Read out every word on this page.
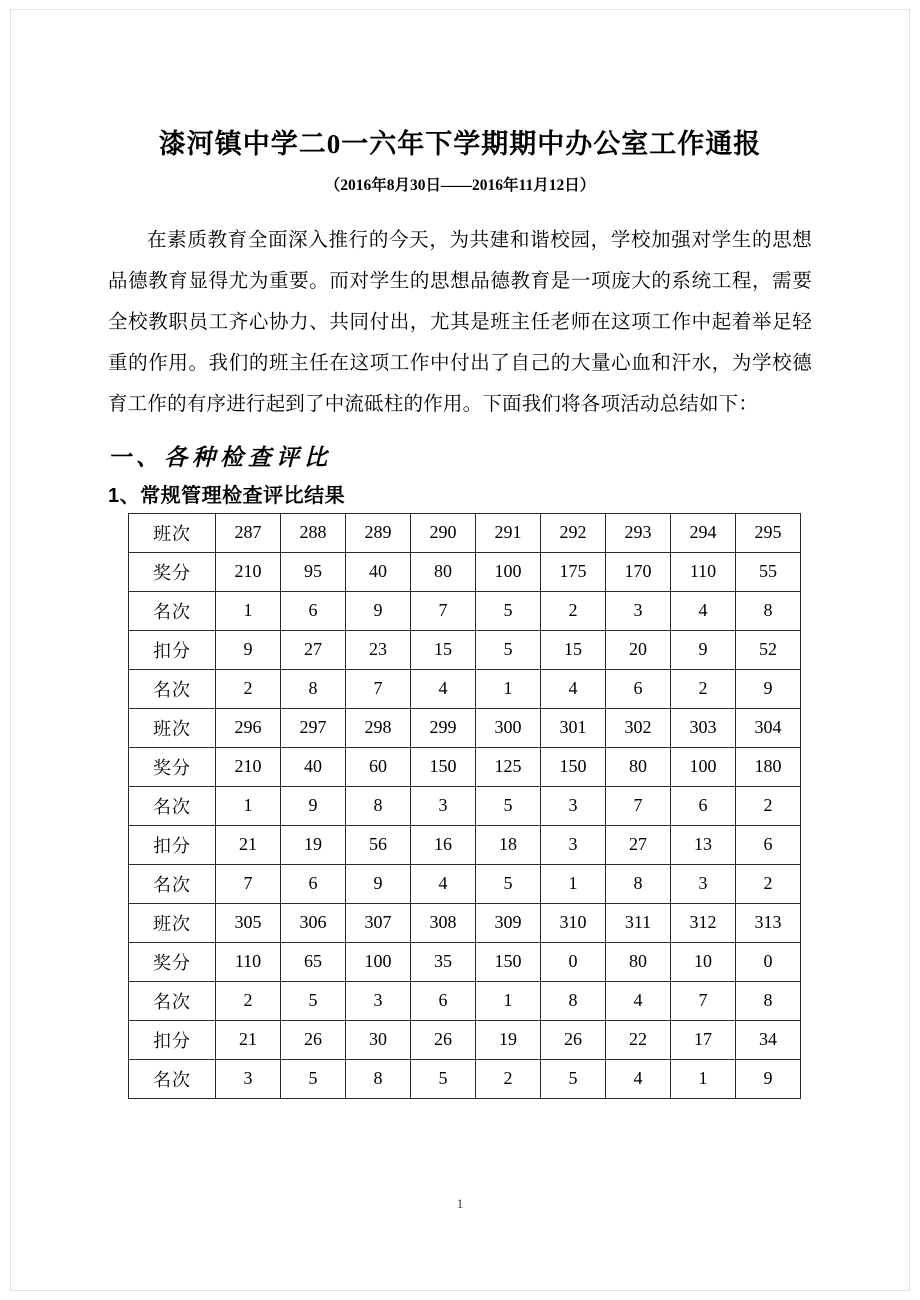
漆河镇中学二0一六年下学期期中办公室工作通报
（2016年8月30日——2016年11月12日）

在素质教育全面深入推行的今天，为共建和谐校园，学校加强对学生的思想品德教育显得尤为重要。而对学生的思想品德教育是一项庞大的系统工程，需要全校教职员工齐心协力、共同付出，尤其是班主任老师在这项工作中起着举足轻重的作用。我们的班主任在这项工作中付出了自己的大量心血和汗水，为学校德育工作的有序进行起到了中流砥柱的作用。下面我们将各项活动总结如下：

一、各种检查评比
1、常规管理检查评比结果
班次	287	288	289	290	291	292	293	294	295
奖分	210	95	40	80	100	175	170	110	55
名次	1	6	9	7	5	2	3	4	8
扣分	9	27	23	15	5	15	20	9	52
名次	2	8	7	4	1	4	6	2	9
班次	296	297	298	299	300	301	302	303	304
奖分	210	40	60	150	125	150	80	100	180
名次	1	9	8	3	5	3	7	6	2
扣分	21	19	56	16	18	3	27	13	6
名次	7	6	9	4	5	1	8	3	2
班次	305	306	307	308	309	310	311	312	313
奖分	110	65	100	35	150	0	80	10	0
名次	2	5	3	6	1	8	4	7	8
扣分	21	26	30	26	19	26	22	17	34
名次	3	5	8	5	2	5	4	1	9
1
